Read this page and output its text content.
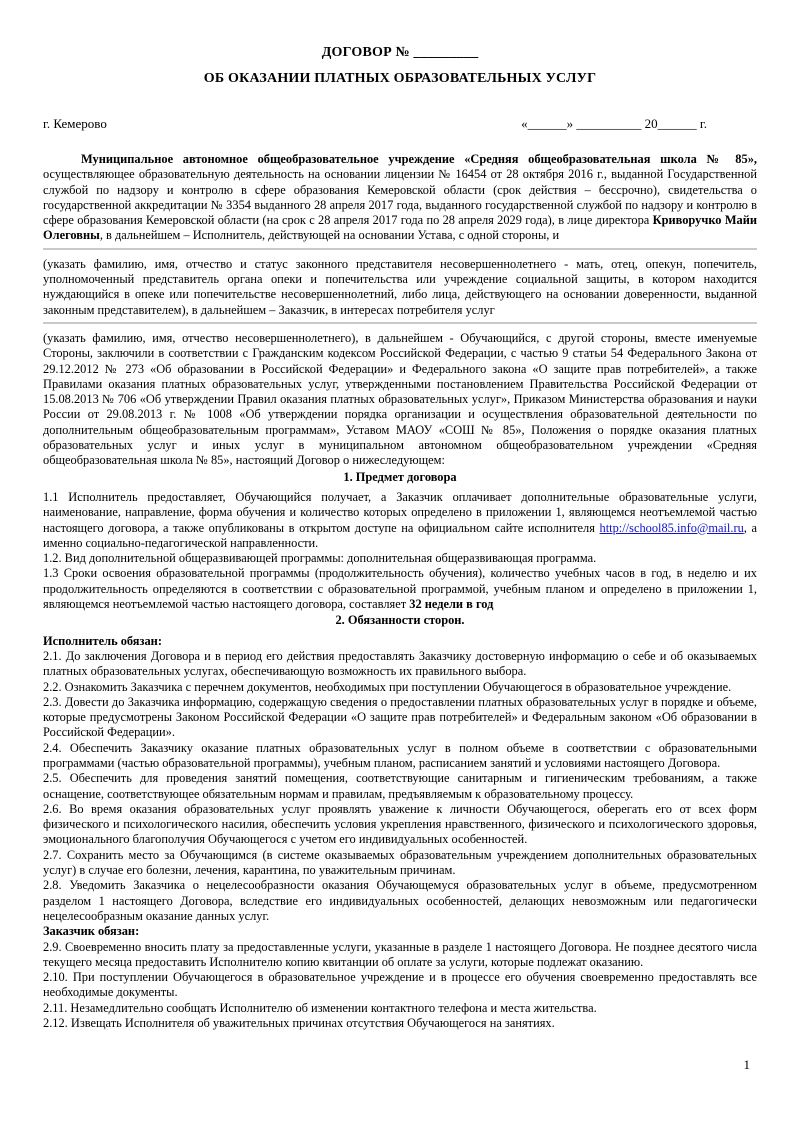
ДОГОВОР № _________
ОБ ОКАЗАНИИ ПЛАТНЫХ ОБРАЗОВАТЕЛЬНЫХ УСЛУГ
г. Кемерово	«______» __________ 20______ г.

Муниципальное автономное общеобразовательное учреждение «Средняя общеобразовательная школа № 85», осуществляющее образовательную деятельность на основании лицензии № 16454 от 28 октября 2016 г., выданной Государственной службой по надзору и контролю в сфере образования Кемеровской области (срок действия – бессрочно), свидетельства о государственной аккредитации № 3354 выданного 28 апреля 2017 года, выданного государственной службой по надзору и контролю в сфере образования Кемеровской области (на срок с 28 апреля 2017 года по 28 апреля 2029 года), в лице директора Криворучко Майи Олеговны, в дальнейшем – Исполнитель, действующей на основании Устава, с одной стороны, и

(указать фамилию, имя, отчество и статус законного представителя несовершеннолетнего - мать, отец, опекун, попечитель, уполномоченный представитель органа опеки и попечительства или учреждение социальной защиты, в котором находится нуждающийся в опеке или попечительстве несовершеннолетний, либо лица, действующего на основании доверенности, выданной законным представителем), в дальнейшем – Заказчик, в интересах потребителя услуг

(указать фамилию, имя, отчество несовершеннолетнего), в дальнейшем - Обучающийся, с другой стороны, вместе именуемые Стороны, заключили в соответствии с Гражданским кодексом Российской Федерации, с частью 9 статьи 54 Федерального Закона от 29.12.2012 № 273 «Об образовании в Российской Федерации» и Федерального закона «О защите прав потребителей», а также Правилами оказания платных образовательных услуг, утвержденными постановлением Правительства Российской Федерации от 15.08.2013 № 706 «Об утверждении Правил оказания платных образовательных услуг», Приказом Министерства образования и науки России от 29.08.2013 г. № 1008 «Об утверждении порядка организации и осуществления образовательной деятельности по дополнительным общеобразовательным программам», Уставом МАОУ «СОШ № 85», Положения о порядке оказания платных образовательных услуг и иных услуг в муниципальном автономном общеобразовательном учреждении «Средняя общеобразовательная школа № 85», настоящий Договор о нижеследующем:

1. Предмет договора

1.1 Исполнитель предоставляет, Обучающийся получает, а Заказчик оплачивает дополнительные образовательные услуги, наименование, направление, форма обучения и количество которых определено в приложении 1, являющемся неотъемлемой частью настоящего договора, а также опубликованы в открытом доступе на официальном сайте исполнителя http://school85.info@mail.ru, а именно социально-педагогической направленности.

1.2. Вид дополнительной общеразвивающей программы: дополнительная общеразвивающая программа.

1.3 Сроки освоения образовательной программы (продолжительность обучения), количество учебных часов в год, в неделю и их продолжительность определяются в соответствии с образовательной программой, учебным планом и определено в приложении 1, являющемся неотъемлемой частью настоящего договора, составляет 32 недели в год

2. Обязанности сторон.

Исполнитель обязан:

2.1. До заключения Договора и в период его действия предоставлять Заказчику достоверную информацию о себе и об оказываемых платных образовательных услугах, обеспечивающую возможность их правильного выбора.

2.2. Ознакомить Заказчика с перечнем документов, необходимых при поступлении Обучающегося в образовательное учреждение.

2.3. Довести до Заказчика информацию, содержащую сведения о предоставлении платных образовательных услуг в порядке и объеме, которые предусмотрены Законом Российской Федерации «О защите прав потребителей» и Федеральным законом «Об образовании в Российской Федерации».

2.4. Обеспечить Заказчику оказание платных образовательных услуг в полном объеме в соответствии с образовательными программами (частью образовательной программы), учебным планом, расписанием занятий и условиями настоящего Договора.

2.5. Обеспечить для проведения занятий помещения, соответствующие санитарным и гигиеническим требованиям, а также оснащение, соответствующее обязательным нормам и правилам, предъявляемым к образовательному процессу.

2.6. Во время оказания образовательных услуг проявлять уважение к личности Обучающегося, оберегать его от всех форм физического и психологического насилия, обеспечить условия укрепления нравственного, физического и психологического здоровья, эмоционального благополучия Обучающегося с учетом его индивидуальных особенностей.

2.7. Сохранить место за Обучающимся (в системе оказываемых образовательным учреждением дополнительных образовательных услуг) в случае его болезни, лечения, карантина, по уважительным причинам.

2.8. Уведомить Заказчика о нецелесообразности оказания Обучающемуся образовательных услуг в объеме, предусмотренном разделом 1 настоящего Договора, вследствие его индивидуальных особенностей, делающих невозможным или педагогически нецелесообразным оказание данных услуг.

Заказчик обязан:

2.9. Своевременно вносить плату за предоставленные услуги, указанные в разделе 1 настоящего Договора. Не позднее десятого числа текущего месяца предоставить Исполнителю копию квитанции об оплате за услуги, которые подлежат оказанию.

2.10. При поступлении Обучающегося в образовательное учреждение и в процессе его обучения своевременно предоставлять все необходимые документы.

2.11. Незамедлительно сообщать Исполнителю об изменении контактного телефона и места жительства.

2.12. Извещать Исполнителя об уважительных причинах отсутствия Обучающегося на занятиях.

1
